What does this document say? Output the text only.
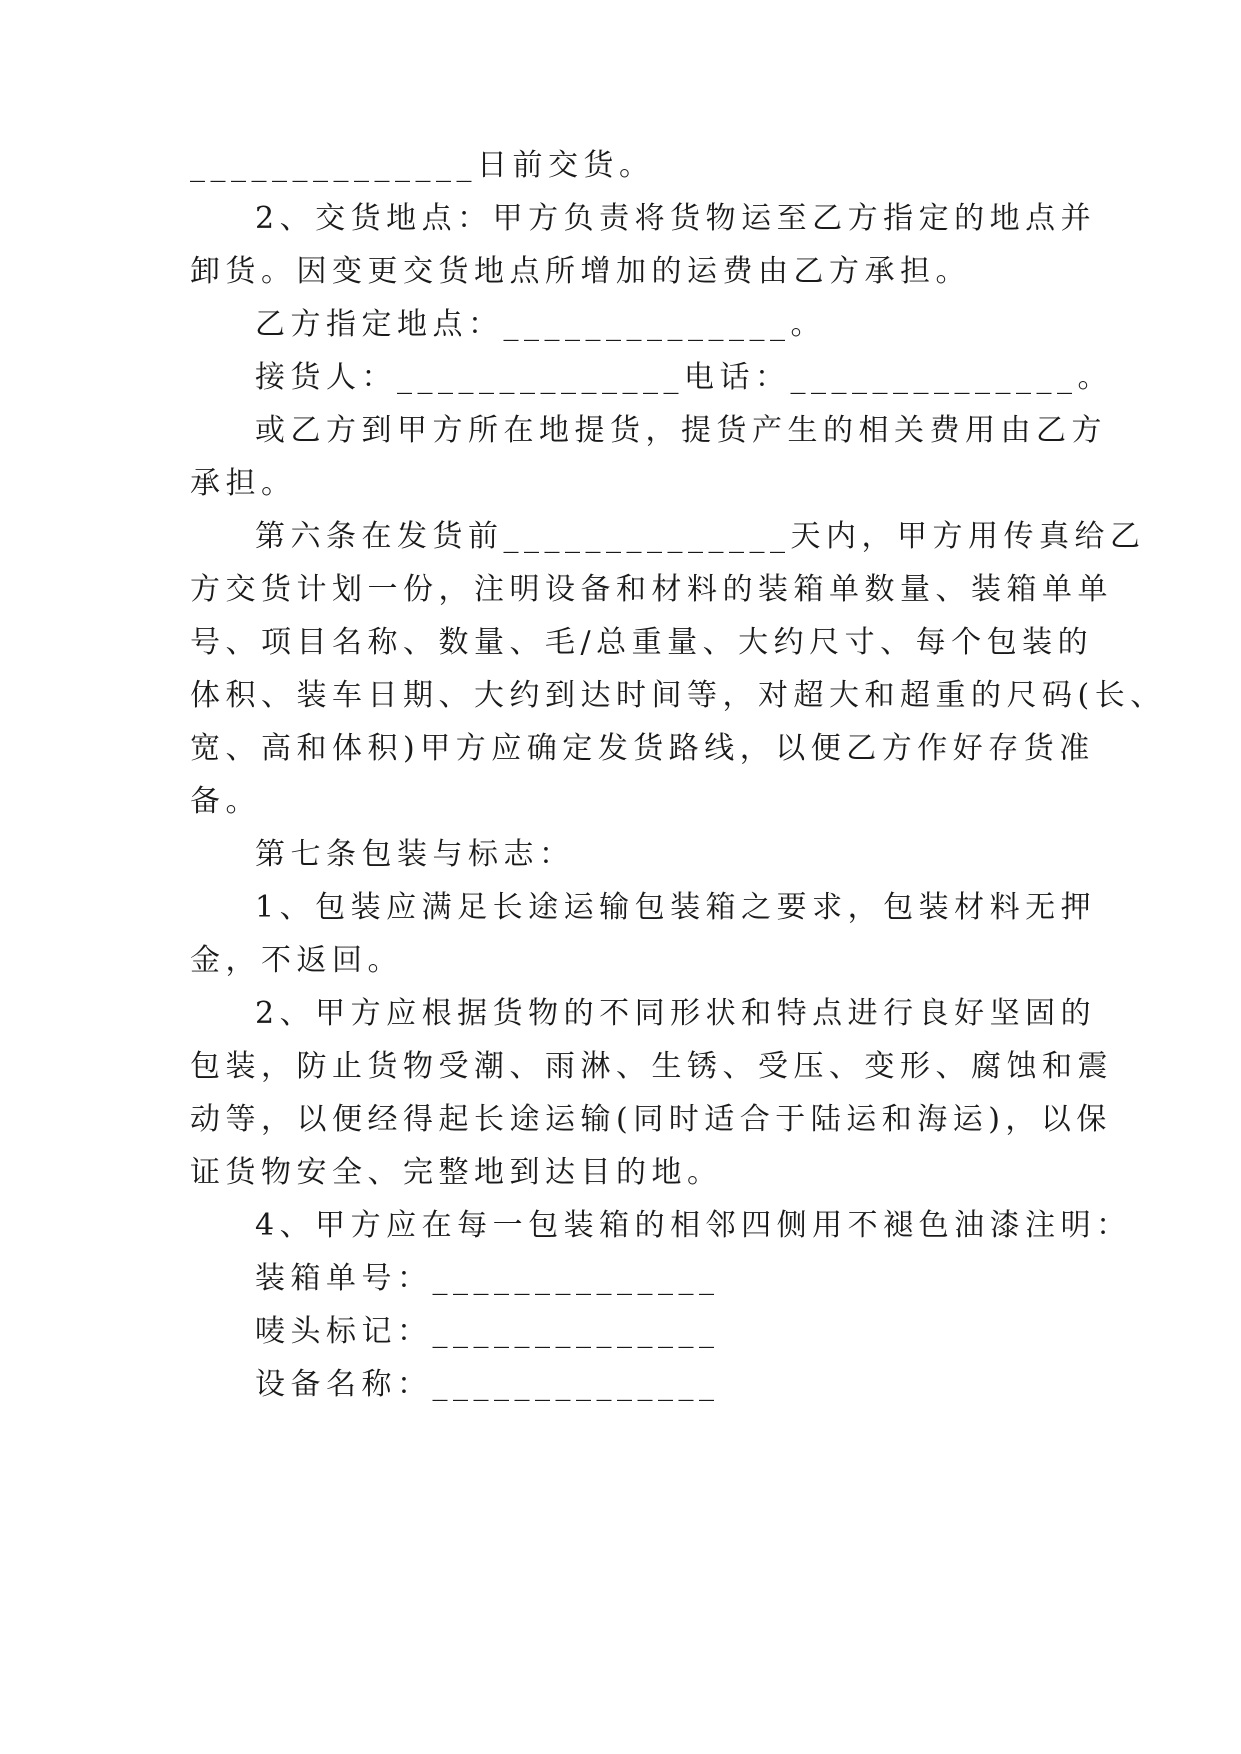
______________日前交货。
2、交货地点：甲方负责将货物运至乙方指定的地点并
卸货。因变更交货地点所增加的运费由乙方承担。
乙方指定地点：______________。
接货人：______________电话：______________。
或乙方到甲方所在地提货，提货产生的相关费用由乙方
承担。
第六条在发货前______________天内，甲方用传真给乙
方交货计划一份，注明设备和材料的装箱单数量、装箱单单
号、项目名称、数量、毛/总重量、大约尺寸、每个包装的
体积、装车日期、大约到达时间等，对超大和超重的尺码(长、
宽、高和体积)甲方应确定发货路线，以便乙方作好存货准
备。
第七条包装与标志：
1、包装应满足长途运输包装箱之要求，包装材料无押
金，不返回。
2、甲方应根据货物的不同形状和特点进行良好坚固的
包装，防止货物受潮、雨淋、生锈、受压、变形、腐蚀和震
动等，以便经得起长途运输(同时适合于陆运和海运)，以保
证货物安全、完整地到达目的地。
4、甲方应在每一包装箱的相邻四侧用不褪色油漆注明：
装箱单号：______________
唛头标记：______________
设备名称：______________
